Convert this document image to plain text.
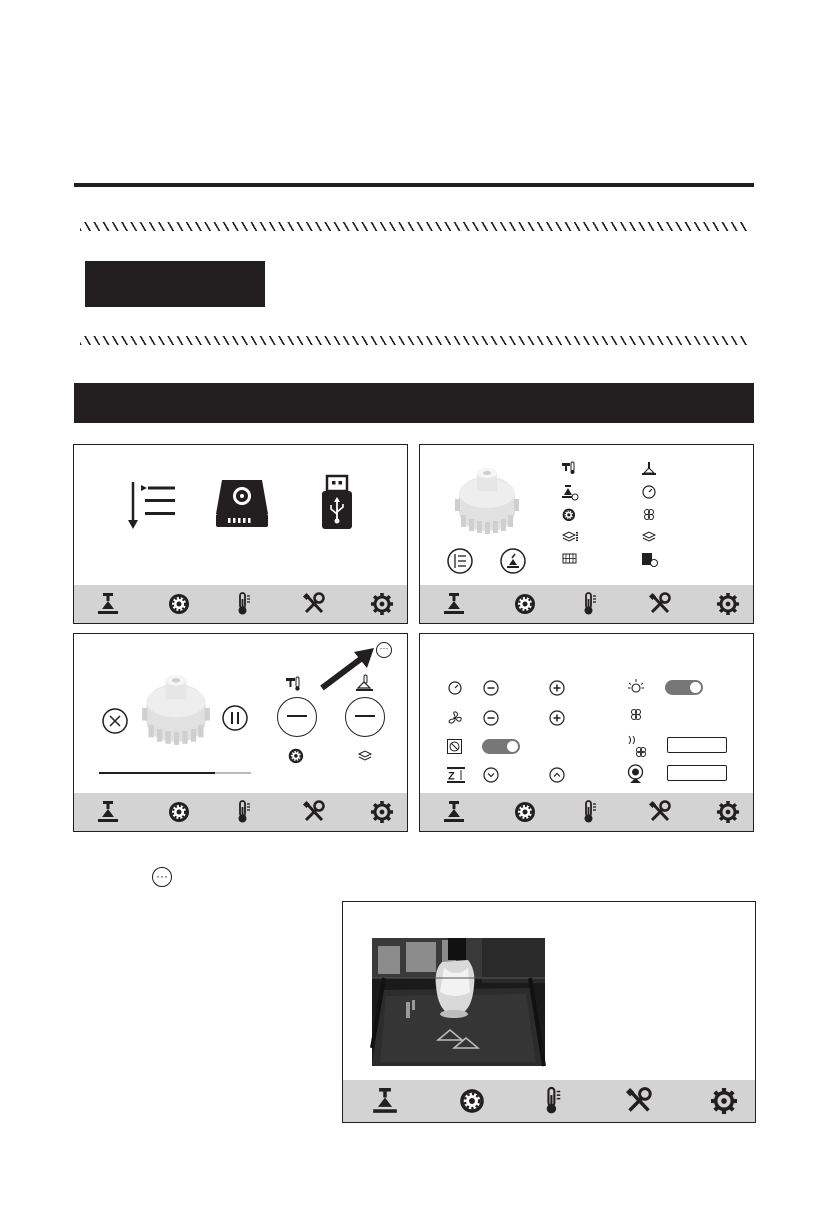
···
Z
···
